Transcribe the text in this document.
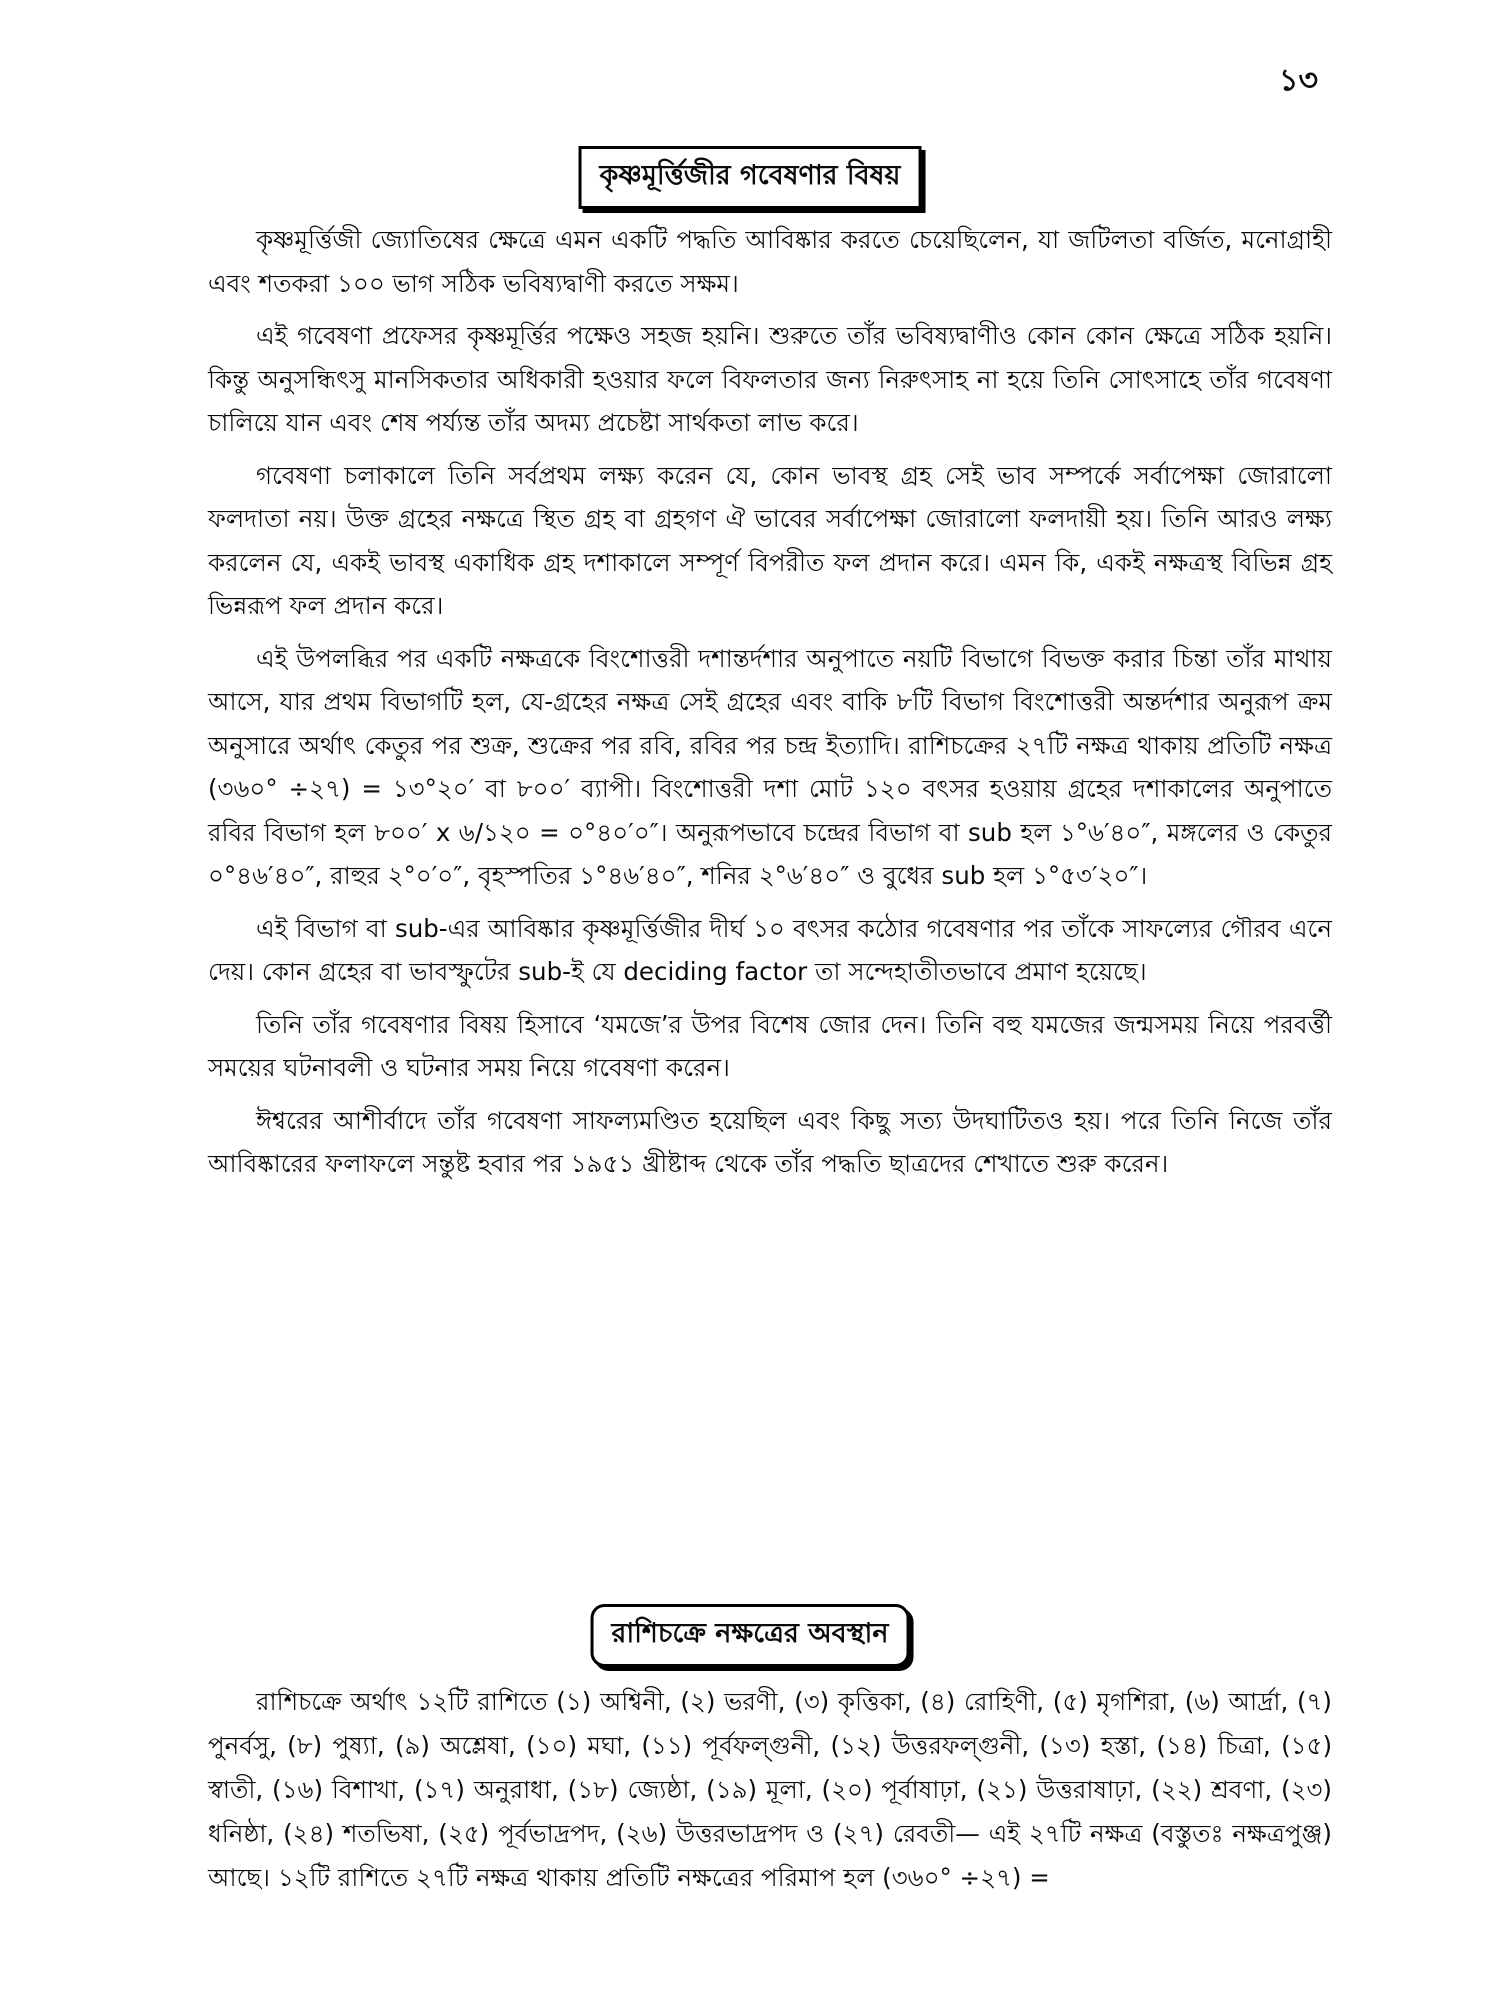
১৩

কৃষ্ণমূর্ত্তিজীর গবেষণার বিষয়

কৃষ্ণমূর্ত্তিজী জ্যোতিষের ক্ষেত্রে এমন একটি পদ্ধতি আবিষ্কার করতে চেয়েছিলেন, যা জটিলতা বর্জিত, মনোগ্রাহী এবং শতকরা ১০০ ভাগ সঠিক ভবিষ্যদ্বাণী করতে সক্ষম।

এই গবেষণা প্রফেসর কৃষ্ণমূর্ত্তির পক্ষেও সহজ হয়নি। শুরুতে তাঁর ভবিষ্যদ্বাণীও কোন কোন ক্ষেত্রে সঠিক হয়নি। কিন্তু অনুসন্ধিৎসু মানসিকতার অধিকারী হওয়ার ফলে বিফলতার জন্য নিরুৎসাহ না হয়ে তিনি সোৎসাহে তাঁর গবেষণা চালিয়ে যান এবং শেষ পর্য্যন্ত তাঁর অদম্য প্রচেষ্টা সার্থকতা লাভ করে।

গবেষণা চলাকালে তিনি সর্বপ্রথম লক্ষ্য করেন যে, কোন ভাবস্থ গ্রহ সেই ভাব সম্পর্কে সর্বাপেক্ষা জোরালো ফলদাতা নয়। উক্ত গ্রহের নক্ষত্রে স্থিত গ্রহ বা গ্রহগণ ঐ ভাবের সর্বাপেক্ষা জোরালো ফলদায়ী হয়। তিনি আরও লক্ষ্য করলেন যে, একই ভাবস্থ একাধিক গ্রহ দশাকালে সম্পূর্ণ বিপরীত ফল প্রদান করে। এমন কি, একই নক্ষত্রস্থ বিভিন্ন গ্রহ ভিন্নরূপ ফল প্রদান করে।

এই উপলব্ধির পর একটি নক্ষত্রকে বিংশোত্তরী দশান্তর্দশার অনুপাতে নয়টি বিভাগে বিভক্ত করার চিন্তা তাঁর মাথায় আসে, যার প্রথম বিভাগটি হল, যে-গ্রহের নক্ষত্র সেই গ্রহের এবং বাকি ৮টি বিভাগ বিংশোত্তরী অন্তর্দশার অনুরূপ ক্রম অনুসারে অর্থাৎ কেতুর পর শুক্র, শুক্রের পর রবি, রবির পর চন্দ্র ইত্যাদি। রাশিচক্রের ২৭টি নক্ষত্র থাকায় প্রতিটি নক্ষত্র (৩৬০° ÷২৭) = ১৩°২০′ বা ৮০০′ ব্যাপী। বিংশোত্তরী দশা মোট ১২০ বৎসর হওয়ায় গ্রহের দশাকালের অনুপাতে রবির বিভাগ হল ৮০০′ x ৬/১২০ = ০°৪০′০″। অনুরূপভাবে চন্দ্রের বিভাগ বা sub হল ১°৬′৪০″, মঙ্গলের ও কেতুর ০°৪৬′৪০″, রাহুর ২°০′০″, বৃহস্পতির ১°৪৬′৪০″, শনির ২°৬′৪০″ ও বুধের sub হল ১°৫৩′২০″।

এই বিভাগ বা sub-এর আবিষ্কার কৃষ্ণমূর্ত্তিজীর দীর্ঘ ১০ বৎসর কঠোর গবেষণার পর তাঁকে সাফল্যের গৌরব এনে দেয়। কোন গ্রহের বা ভাবস্ফুটের sub-ই যে deciding factor তা সন্দেহাতীতভাবে প্রমাণ হয়েছে।

তিনি তাঁর গবেষণার বিষয় হিসাবে ‘যমজে’র উপর বিশেষ জোর দেন। তিনি বহু যমজের জন্মসময় নিয়ে পরবর্ত্তী সময়ের ঘটনাবলী ও ঘটনার সময় নিয়ে গবেষণা করেন।

ঈশ্বরের আশীর্বাদে তাঁর গবেষণা সাফল্যমণ্ডিত হয়েছিল এবং কিছু সত্য উদঘাটিতও হয়। পরে তিনি নিজে তাঁর আবিষ্কারের ফলাফলে সন্তুষ্ট হবার পর ১৯৫১ খ্রীষ্টাব্দ থেকে তাঁর পদ্ধতি ছাত্রদের শেখাতে শুরু করেন।

রাশিচক্রে নক্ষত্রের অবস্থান

রাশিচক্রে অর্থাৎ ১২টি রাশিতে (১) অশ্বিনী, (২) ভরণী, (৩) কৃত্তিকা, (৪) রোহিণী, (৫) মৃগশিরা, (৬) আর্দ্রা, (৭) পুনর্বসু, (৮) পুষ্যা, (৯) অশ্লেষা, (১০) মঘা, (১১) পূর্বফল্গুনী, (১২) উত্তরফল্গুনী, (১৩) হস্তা, (১৪) চিত্রা, (১৫) স্বাতী, (১৬) বিশাখা, (১৭) অনুরাধা, (১৮) জ্যেষ্ঠা, (১৯) মূলা, (২০) পূর্বাষাঢ়া, (২১) উত্তরাষাঢ়া, (২২) শ্রবণা, (২৩) ধনিষ্ঠা, (২৪) শতভিষা, (২৫) পূর্বভাদ্রপদ, (২৬) উত্তরভাদ্রপদ ও (২৭) রেবতী— এই ২৭টি নক্ষত্র (বস্তুতঃ নক্ষত্রপুঞ্জ) আছে। ১২টি রাশিতে ২৭টি নক্ষত্র থাকায় প্রতিটি নক্ষত্রের পরিমাপ হল (৩৬০° ÷২৭) =
